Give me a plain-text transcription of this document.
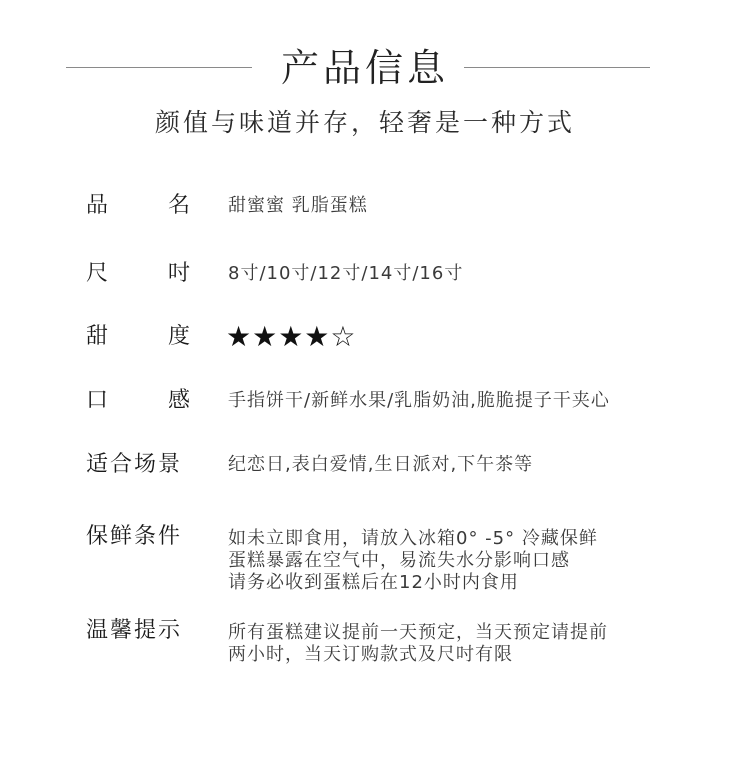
产品信息
颜值与味道并存，轻奢是一种方式
品	名 甜蜜蜜 乳脂蛋糕
尺	吋 8寸/10寸/12寸/14寸/16寸
甜	度 ★★★★☆
口	感 手指饼干/新鲜水果/乳脂奶油,脆脆提子干夹心
适合场景	纪恋日,表白爱情,生日派对,下午茶等
保鲜条件	如未立即食用，请放入冰箱0° -5° 冷藏保鲜
蛋糕暴露在空气中，易流失水分影响口感
请务必收到蛋糕后在12小时内食用
温馨提示	所有蛋糕建议提前一天预定，当天预定请提前
两小时，当天订购款式及尺吋有限
